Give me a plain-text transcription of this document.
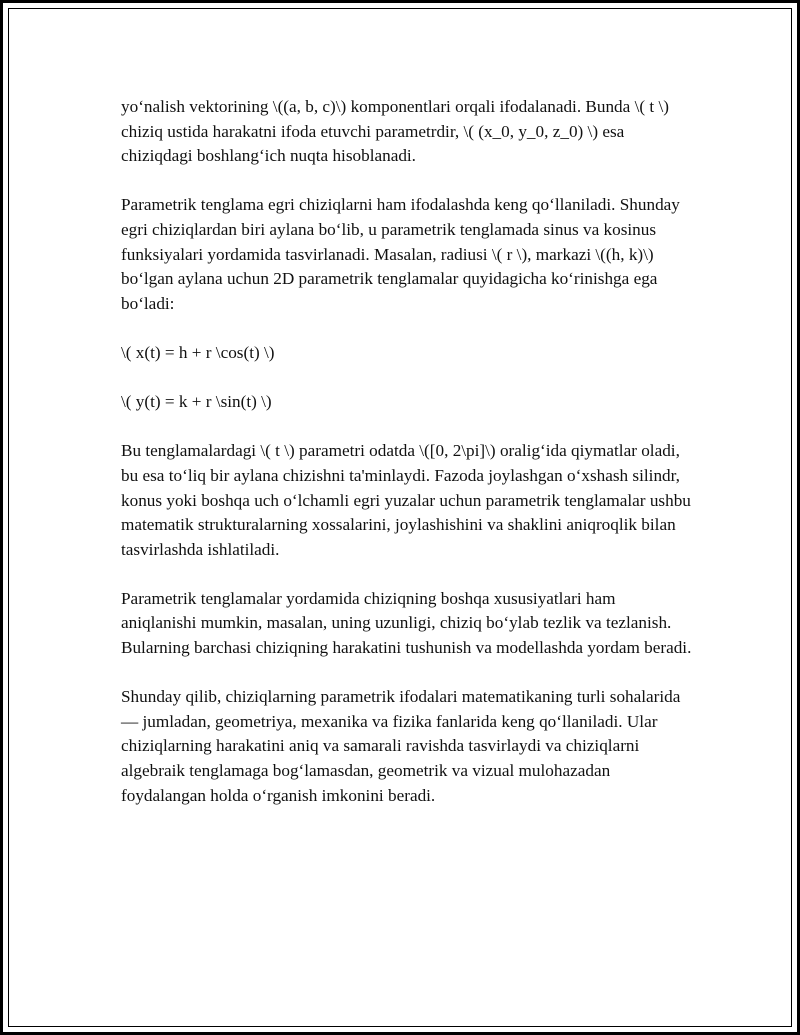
yo‘nalish vektorining \((a, b, c)\) komponentlari orqali ifodalanadi. Bunda \( t \) chiziq ustida harakatni ifoda etuvchi parametrdir, \( (x_0, y_0, z_0) \) esa chiziqdagi boshlang‘ich nuqta hisoblanadi.

Parametrik tenglama egri chiziqlarni ham ifodalashda keng qo‘llaniladi. Shunday egri chiziqlardan biri aylana bo‘lib, u parametrik tenglamada sinus va kosinus funksiyalari yordamida tasvirlanadi. Masalan, radiusi \( r \), markazi \((h, k)\) bo‘lgan aylana uchun 2D parametrik tenglamalar quyidagicha ko‘rinishga ega bo‘ladi:

\( x(t) = h + r \cos(t) \)

\( y(t) = k + r \sin(t) \)

Bu tenglamalardagi \( t \) parametri odatda \([0, 2\pi]\) oralig‘ida qiymatlar oladi, bu esa to‘liq bir aylana chizishni ta'minlaydi. Fazoda joylashgan o‘xshash silindr, konus yoki boshqa uch o‘lchamli egri yuzalar uchun parametrik tenglamalar ushbu matematik strukturalarning xossalarini, joylashishini va shaklini aniqroqlik bilan tasvirlashda ishlatiladi.

Parametrik tenglamalar yordamida chiziqning boshqa xususiyatlari ham aniqlanishi mumkin, masalan, uning uzunligi, chiziq bo‘ylab tezlik va tezlanish. Bularning barchasi chiziqning harakatini tushunish va modellashda yordam beradi.

Shunday qilib, chiziqlarning parametrik ifodalari matematikaning turli sohalarida — jumladan, geometriya, mexanika va fizika fanlarida keng qo‘llaniladi. Ular chiziqlarning harakatini aniq va samarali ravishda tasvirlaydi va chiziqlarni algebraik tenglamaga bog‘lamasdan, geometrik va vizual mulohazadan foydalangan holda o‘rganish imkonini beradi.
